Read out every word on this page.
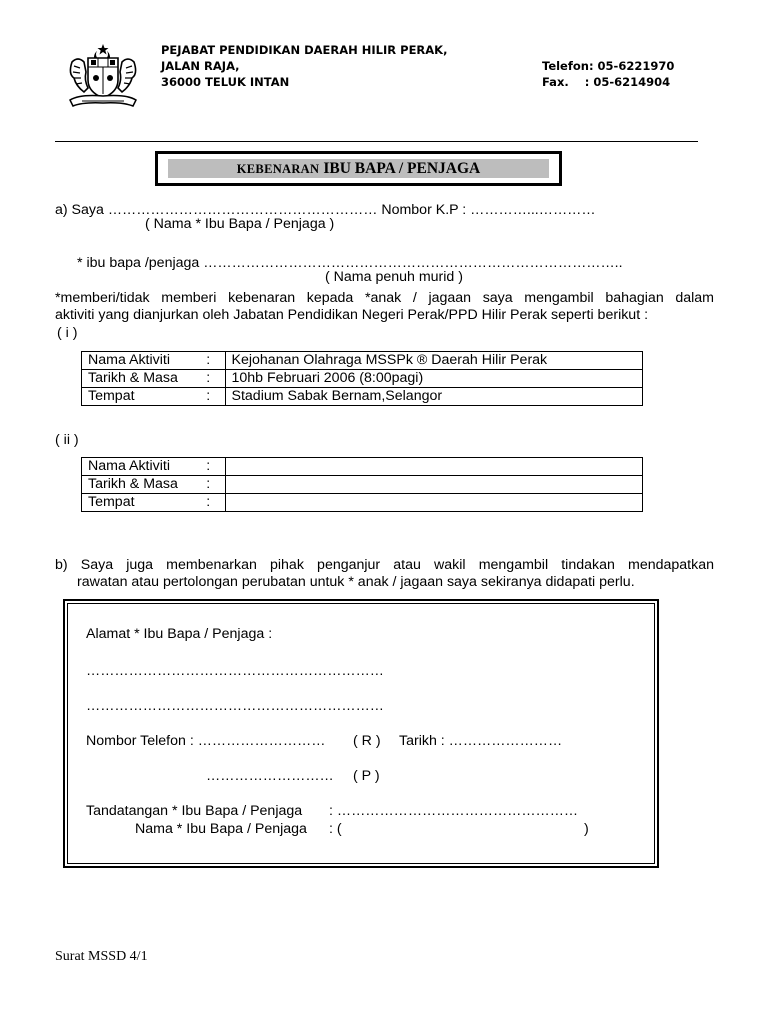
PEJABAT PENDIDIKAN DAERAH HILIR PERAK,
JALAN RAJA,
36000 TELUK INTAN
Telefon: 05-6221970
Fax.    : 05-6214904
KEBENARAN IBU BAPA / PENJAGA
a) Saya ………………………………………………… Nombor K.P : …………...…………
( Nama * Ibu Bapa / Penjaga )
* ibu bapa /penjaga ……………………………………………………………………………..
( Nama penuh murid )
*memberi/tidak memberi kebenaran kepada *anak / jagaan saya mengambil bahagian dalam
aktiviti yang dianjurkan oleh Jabatan Pendidikan Negeri Perak/PPD Hilir Perak seperti berikut :
( i )
Nama Aktiviti	:	Kejohanan Olahraga MSSPk ® Daerah Hilir Perak
Tarikh & Masa	:	10hb Februari 2006 (8:00pagi)
Tempat	:	Stadium Sabak Bernam,Selangor
( ii )
Nama Aktiviti	:	
Tarikh & Masa	:	
Tempat	:	
b) Saya juga membenarkan pihak penganjur atau wakil mengambil tindakan mendapatkan
rawatan atau pertolongan perubatan untuk * anak / jagaan saya sekiranya didapati perlu.
Alamat * Ibu Bapa / Penjaga :
………………………………………………………
………………………………………………………
Nombor Telefon : ……………………… ( R ) Tarikh : ……………………
……………………… ( P )
Tandatangan * Ibu Bapa / Penjaga : ……………………………………………
Nama * Ibu Bapa / Penjaga : (	)
Surat MSSD 4/1
